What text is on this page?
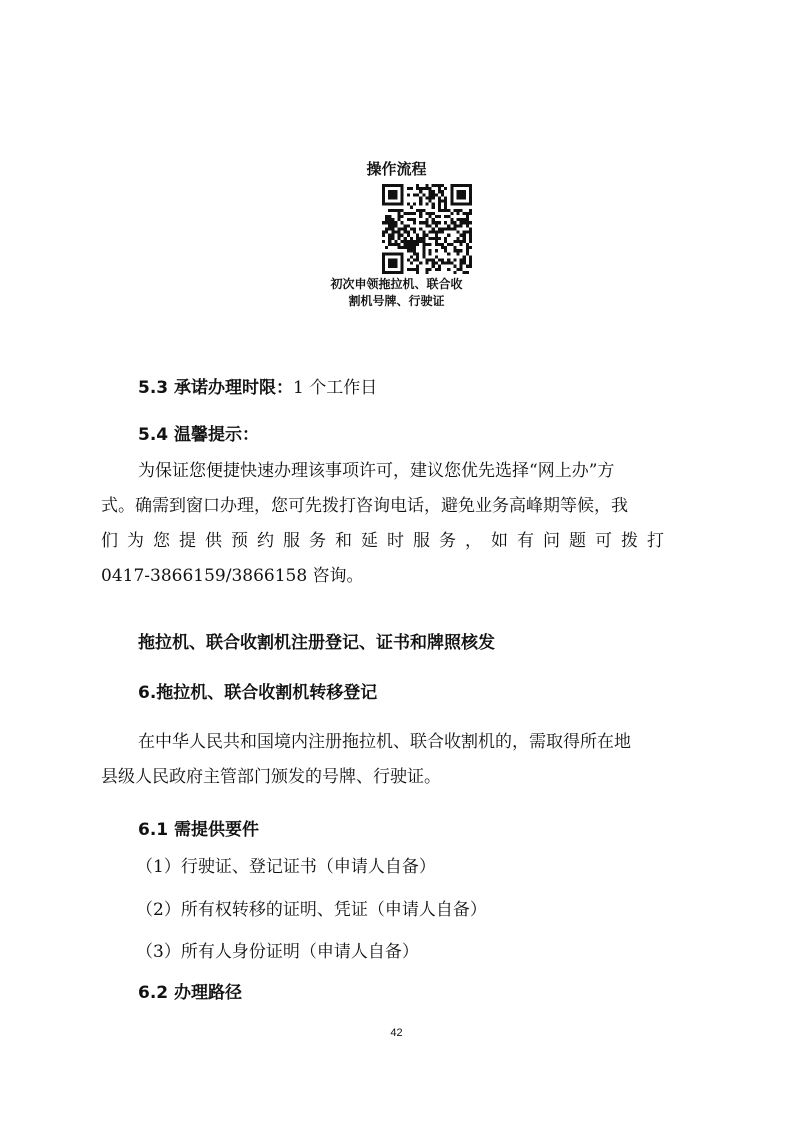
操作流程
初次申领拖拉机、联合收
割机号牌、行驶证
5.3 承诺办理时限：1 个工作日
5.4 温馨提示：
为保证您便捷快速办理该事项许可，建议您优先选择“网上办”方
式。确需到窗口办理，您可先拨打咨询电话，避免业务高峰期等候，我
们为您提供预约服务和延时服务，如有问题可拨打
0417-3866159/3866158 咨询。
拖拉机、联合收割机注册登记、证书和牌照核发
6.拖拉机、联合收割机转移登记
在中华人民共和国境内注册拖拉机、联合收割机的，需取得所在地
县级人民政府主管部门颁发的号牌、行驶证。
6.1 需提供要件
（1）行驶证、登记证书（申请人自备）
（2）所有权转移的证明、凭证（申请人自备）
（3）所有人身份证明（申请人自备）
6.2 办理路径
42
